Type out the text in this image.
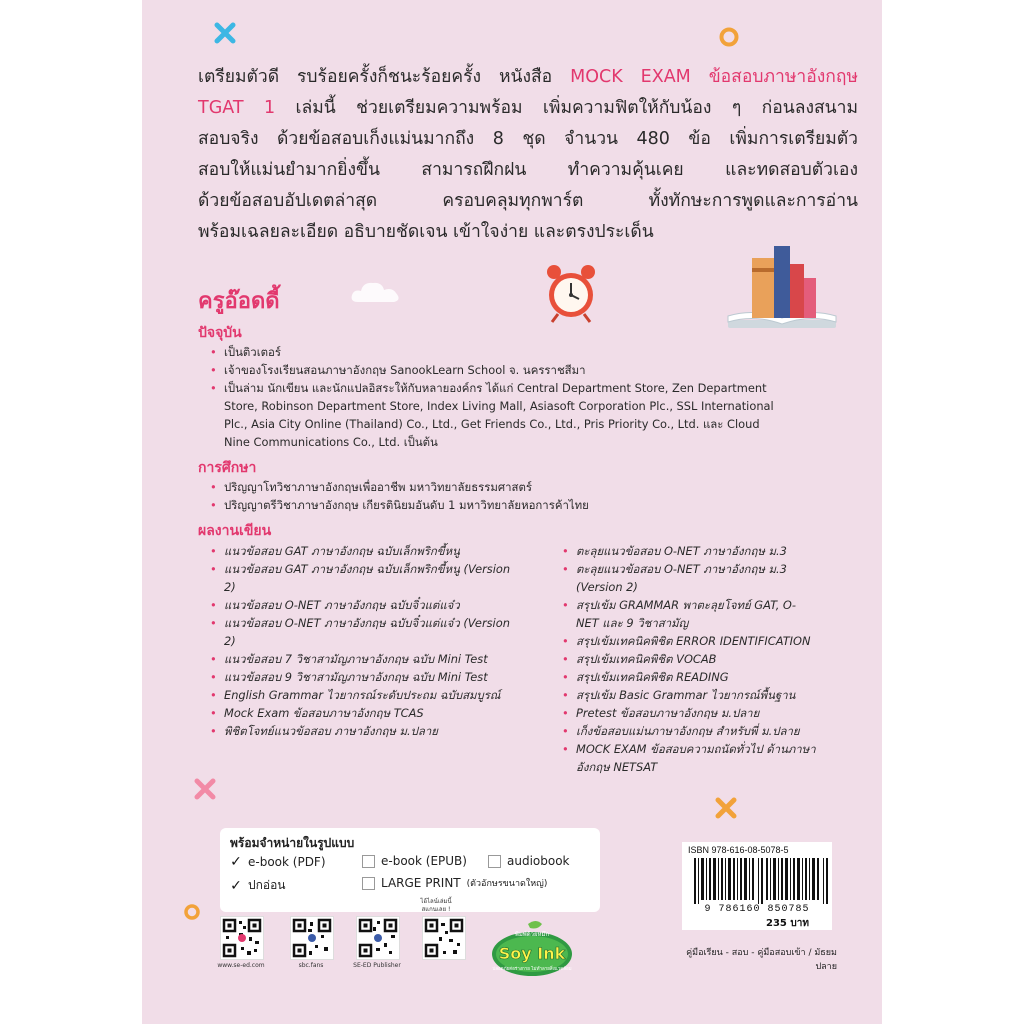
เตรียมตัวดี รบร้อยครั้งก็ชนะร้อยครั้ง หนังสือ MOCK EXAM ข้อสอบภาษาอังกฤษ
TGAT 1 เล่มนี้ ช่วยเตรียมความพร้อม เพิ่มความฟิตให้กับน้อง ๆ ก่อนลงสนาม
สอบจริง ด้วยข้อสอบเก็งแม่นมากถึง 8 ชุด จำนวน 480 ข้อ เพิ่มการเตรียมตัว
สอบให้แม่นยำมากยิ่งขึ้น สามารถฝึกฝน ทำความคุ้นเคย และทดสอบตัวเอง
ด้วยข้อสอบอัปเดตล่าสุด ครอบคลุมทุกพาร์ต ทั้งทักษะการพูดและการอ่าน
พร้อมเฉลยละเอียด อธิบายชัดเจน เข้าใจง่าย และตรงประเด็น
ครูอ๊อดดี้
ปัจจุบัน
• เป็นติวเตอร์
• เจ้าของโรงเรียนสอนภาษาอังกฤษ SanookLearn School จ. นครราชสีมา
• เป็นล่าม นักเขียน และนักแปลอิสระให้กับหลายองค์กร ได้แก่ Central Department Store, Zen Department Store, Robinson Department Store, Index Living Mall, Asiasoft Corporation Plc., SSL International Plc., Asia City Online (Thailand) Co., Ltd., Get Friends Co., Ltd., Pris Priority Co., Ltd. และ Cloud Nine Communications Co., Ltd. เป็นต้น
การศึกษา
• ปริญญาโทวิชาภาษาอังกฤษเพื่ออาชีพ มหาวิทยาลัยธรรมศาสตร์
• ปริญญาตรีวิชาภาษาอังกฤษ เกียรตินิยมอันดับ 1 มหาวิทยาลัยหอการค้าไทย
ผลงานเขียน
• แนวข้อสอบ GAT ภาษาอังกฤษ ฉบับเล็กพริกขี้หนู
• แนวข้อสอบ GAT ภาษาอังกฤษ ฉบับเล็กพริกขี้หนู (Version 2)
• แนวข้อสอบ O-NET ภาษาอังกฤษ ฉบับจิ๋วแต่แจ๋ว
• แนวข้อสอบ O-NET ภาษาอังกฤษ ฉบับจิ๋วแต่แจ๋ว (Version 2)
• แนวข้อสอบ 7 วิชาสามัญภาษาอังกฤษ ฉบับ Mini Test
• แนวข้อสอบ 9 วิชาสามัญภาษาอังกฤษ ฉบับ Mini Test
• English Grammar ไวยากรณ์ระดับประถม ฉบับสมบูรณ์
• Mock Exam ข้อสอบภาษาอังกฤษ TCAS
• พิชิตโจทย์แนวข้อสอบ ภาษาอังกฤษ ม.ปลาย
• ตะลุยแนวข้อสอบ O-NET ภาษาอังกฤษ ม.3
• ตะลุยแนวข้อสอบ O-NET ภาษาอังกฤษ ม.3 (Version 2)
• สรุปเข้ม GRAMMAR พาตะลุยโจทย์ GAT, O-NET และ 9 วิชาสามัญ
• สรุปเข้มเทคนิคพิชิต ERROR IDENTIFICATION
• สรุปเข้มเทคนิคพิชิต VOCAB
• สรุปเข้มเทคนิคพิชิต READING
• สรุปเข้ม Basic Grammar ไวยากรณ์พื้นฐาน
• Pretest ข้อสอบภาษาอังกฤษ ม.ปลาย
• เก็งข้อสอบแม่นภาษาอังกฤษ สำหรับพี่ ม.ปลาย
• MOCK EXAM ข้อสอบความถนัดทั่วไป ด้านภาษาอังกฤษ NETSAT
พร้อมจำหน่ายในรูปแบบ
✓ e-book (PDF)	e-book (EPUB)	audiobook
✓ ปกอ่อน	LARGE PRINT (ตัวอักษรขนาดใหญ่)
www.se-ed.com	sbc.fans	SE-ED Publisher
ไอ้ไลน์เล่มนี้ สแกนเลย !
พิมพ์ด้วยหมึก
Soy Ink
ปลอดภัยต่อร่างกาย ไม่ทำลายสิ่งแวดล้อม
ISBN 978-616-08-5078-5
9 786160 850785
235 บาท
คู่มือเรียน - สอบ - คู่มือสอบเข้า / มัธยมปลาย
